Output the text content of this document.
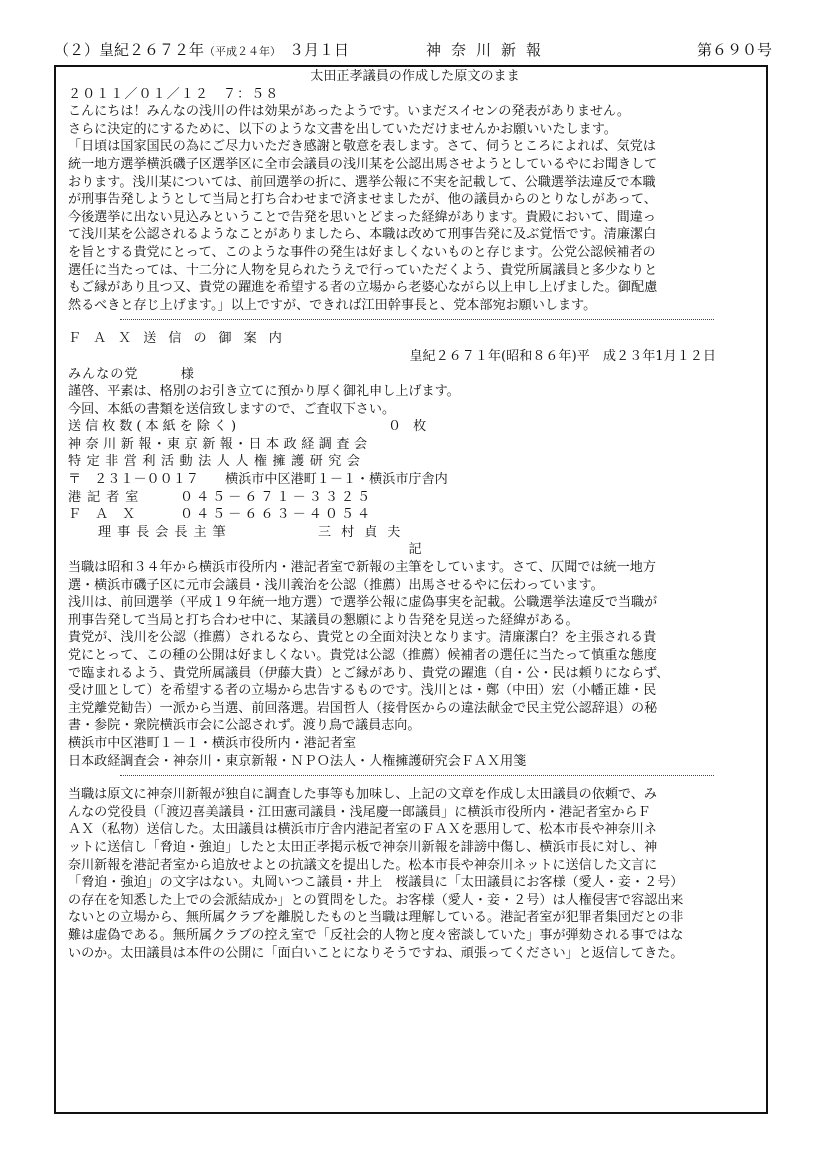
（２）皇紀２６７２年（平成２４年） ３月１日	神奈川新報	第６９０号

太田正孝議員の作成した原文のまま

２０１１／０１／１２　７：５８

こんにちは！みんなの浅川の件は効果があったようです。いまだスイセンの発表がありません。

さらに決定的にするために、以下のような文書を出していただけませんかお願いいたします。

「日頃は国家国民の為にご尽力いただき感謝と敬意を表します。さて、伺うところによれば、気党は

統一地方選挙横浜磯子区選挙区に全市会議員の浅川某を公認出馬させようとしているやにお聞きして

おります。浅川某については、前回選挙の折に、選挙公報に不実を記載して、公職選挙法違反で本職

が刑事告発しようとして当局と打ち合わせまで済ませましたが、他の議員からのとりなしがあって、

今後選挙に出ない見込みということで告発を思いとどまった経緯があります。貴殿において、間違っ

て浅川某を公認されるようなことがありましたら、本職は改めて刑事告発に及ぶ覚悟です。清廉潔白

を旨とする貴党にとって、このような事件の発生は好ましくないものと存じます。公党公認候補者の

選任に当たっては、十二分に人物を見られたうえで行っていただくよう、貴党所属議員と多少なりと

もご縁があり且つ又、貴党の躍進を希望する者の立場から老婆心ながら以上申し上げました。御配慮

然るべきと存じ上げます。」以上ですが、できれば江田幹事長と、党本部宛お願いします。

ＦＡＸ送信の御案内

皇紀２６７１年(昭和８６年)平　成２３年1月１２日

みんなの党　　　様

謹啓、平素は、格別のお引き立てに預かり厚く御礼申し上げます。

今回、本紙の書類を送信致しますので、ご査収下さい。

送信枚数(本紙を除く)	０枚

神奈川新報･東京新報･日本政経調査会

特定非営利活動法人人権擁護研究会

〒　２３１－００１７　　横浜市中区港町１－１・横浜市庁舎内

港記者室	０４５－６７１－３３２５

ＦＡＸ ０４５－６６３－４０５４

理事長会長主筆	三村貞夫

記

当職は昭和３４年から横浜市役所内・港記者室で新報の主筆をしています。さて、仄聞では統一地方

選・横浜市磯子区に元市会議員・浅川義治を公認（推薦）出馬させるやに伝わっています。

浅川は、前回選挙（平成１９年統一地方選）で選挙公報に虚偽事実を記載。公職選挙法違反で当職が

刑事告発して当局と打ち合わせ中に、某議員の懇願により告発を見送った経緯がある。

貴党が、浅川を公認（推薦）されるなら、貴党との全面対決となります。清廉潔白？を主張される貴

党にとって、この種の公開は好ましくない。貴党は公認（推薦）候補者の選任に当たって慎重な態度

で臨まれるよう、貴党所属議員（伊藤大貴）とご縁があり、貴党の躍進（自・公・民は頼りにならず、

受け皿として）を希望する者の立場から忠告するものです。浅川とは・鄭（中田）宏（小幡正雄・民

主党離党勧告）一派から当選、前回落選。岩国哲人（接骨医からの違法献金で民主党公認辞退）の秘

書・参院・衆院横浜市会に公認されず。渡り鳥で議員志向。

横浜市中区港町１－１・横浜市役所内・港記者室

日本政経調査会・神奈川・東京新報・ＮＰＯ法人・人権擁護研究会ＦＡＸ用箋

当職は原文に神奈川新報が独自に調査した事等も加味し、上記の文章を作成し太田議員の依頼で、み

んなの党役員（「渡辺喜美議員・江田憲司議員・浅尾慶一郎議員」に横浜市役所内・港記者室からＦ

ＡＸ（私物）送信した。太田議員は横浜市庁舎内港記者室のＦＡＸを悪用して、松本市長や神奈川ネ

ットに送信し「脅迫・強迫」したと太田正孝掲示板で神奈川新報を誹謗中傷し、横浜市長に対し、神

奈川新報を港記者室から追放せよとの抗議文を提出した。松本市長や神奈川ネットに送信した文言に

「脅迫・強迫」の文字はない。丸岡いつこ議員・井上　桜議員に「太田議員にお客様（愛人・妾・２号）

の存在を知悉した上での会派結成か」との質問をした。お客様（愛人・妾・２号）は人権侵害で容認出来

ないとの立場から、無所属クラブを離脱したものと当職は理解している。港記者室が犯罪者集団だとの非

難は虚偽である。無所属クラブの控え室で「反社会的人物と度々密談していた」事が弾劾される事ではな

いのか。太田議員は本件の公開に「面白いことになりそうですね、頑張ってください」と返信してきた。
